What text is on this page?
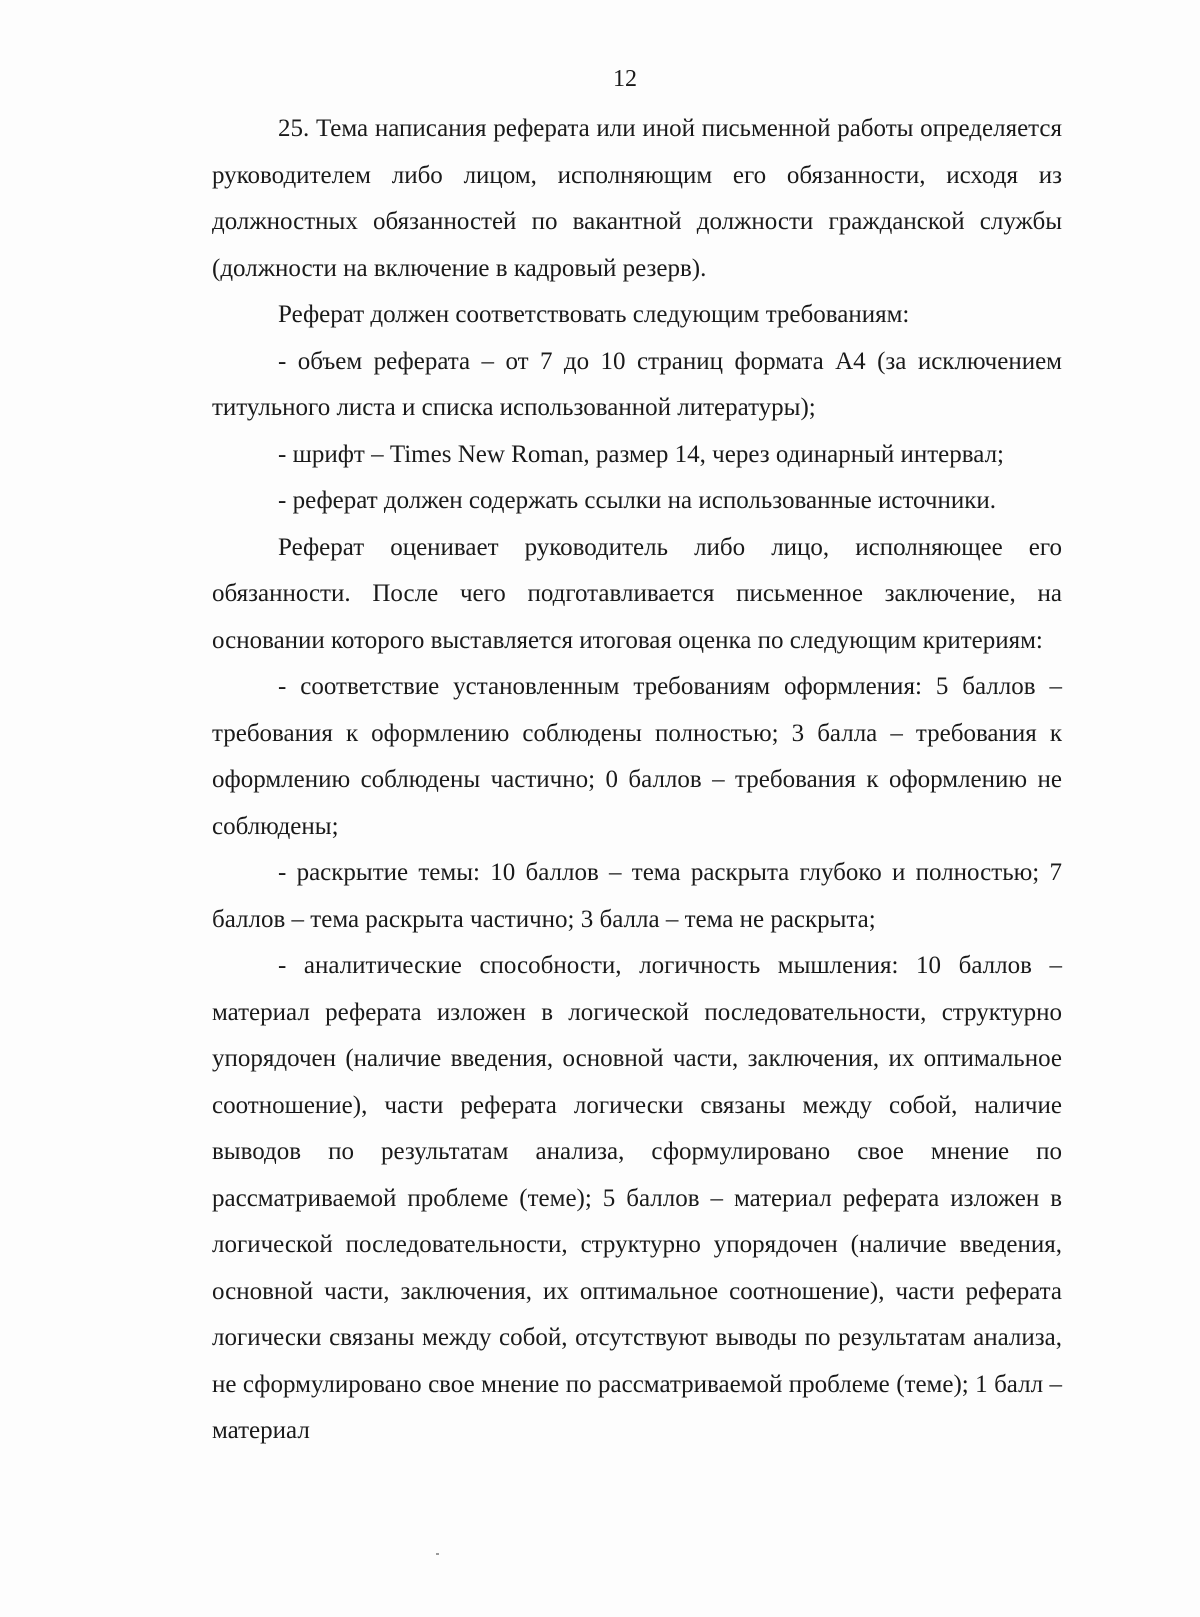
12

25. Тема написания реферата или иной письменной работы определяется руководителем либо лицом, исполняющим его обязанности, исходя из должностных обязанностей по вакантной должности гражданской службы (должности на включение в кадровый резерв).

Реферат должен соответствовать следующим требованиям:

- объем реферата – от 7 до 10 страниц формата А4 (за исключением титульного листа и списка использованной литературы);

- шрифт – Times New Roman, размер 14, через одинарный интервал;

- реферат должен содержать ссылки на использованные источники.

Реферат оценивает руководитель либо лицо, исполняющее его обязанности. После чего подготавливается письменное заключение, на основании которого выставляется итоговая оценка по следующим критериям:

- соответствие установленным требованиям оформления: 5 баллов – требования к оформлению соблюдены полностью; 3 балла – требования к оформлению соблюдены частично; 0 баллов – требования к оформлению не соблюдены;

- раскрытие темы: 10 баллов – тема раскрыта глубоко и полностью; 7 баллов – тема раскрыта частично; 3 балла – тема не раскрыта;

- аналитические способности, логичность мышления: 10 баллов – материал реферата изложен в логической последовательности, структурно упорядочен (наличие введения, основной части, заключения, их оптимальное соотношение), части реферата логически связаны между собой, наличие выводов по результатам анализа, сформулировано свое мнение по рассматриваемой проблеме (теме); 5 баллов – материал реферата изложен в логической последовательности, структурно упорядочен (наличие введения, основной части, заключения, их оптимальное соотношение), части реферата логически связаны между собой, отсутствуют выводы по результатам анализа, не сформулировано свое мнение по рассматриваемой проблеме (теме); 1 балл – материал
